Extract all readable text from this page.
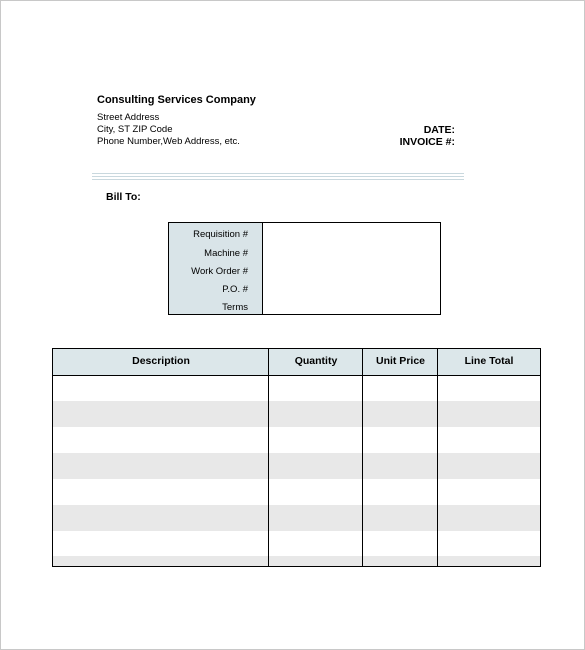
Consulting Services Company
Street Address
City, ST ZIP Code
Phone Number,Web Address, etc.
DATE:
INVOICE #:
Bill To:
Requisition #
Machine #
Work Order #
P.O. #
Terms
Description	Quantity	Unit Price	Line Total
